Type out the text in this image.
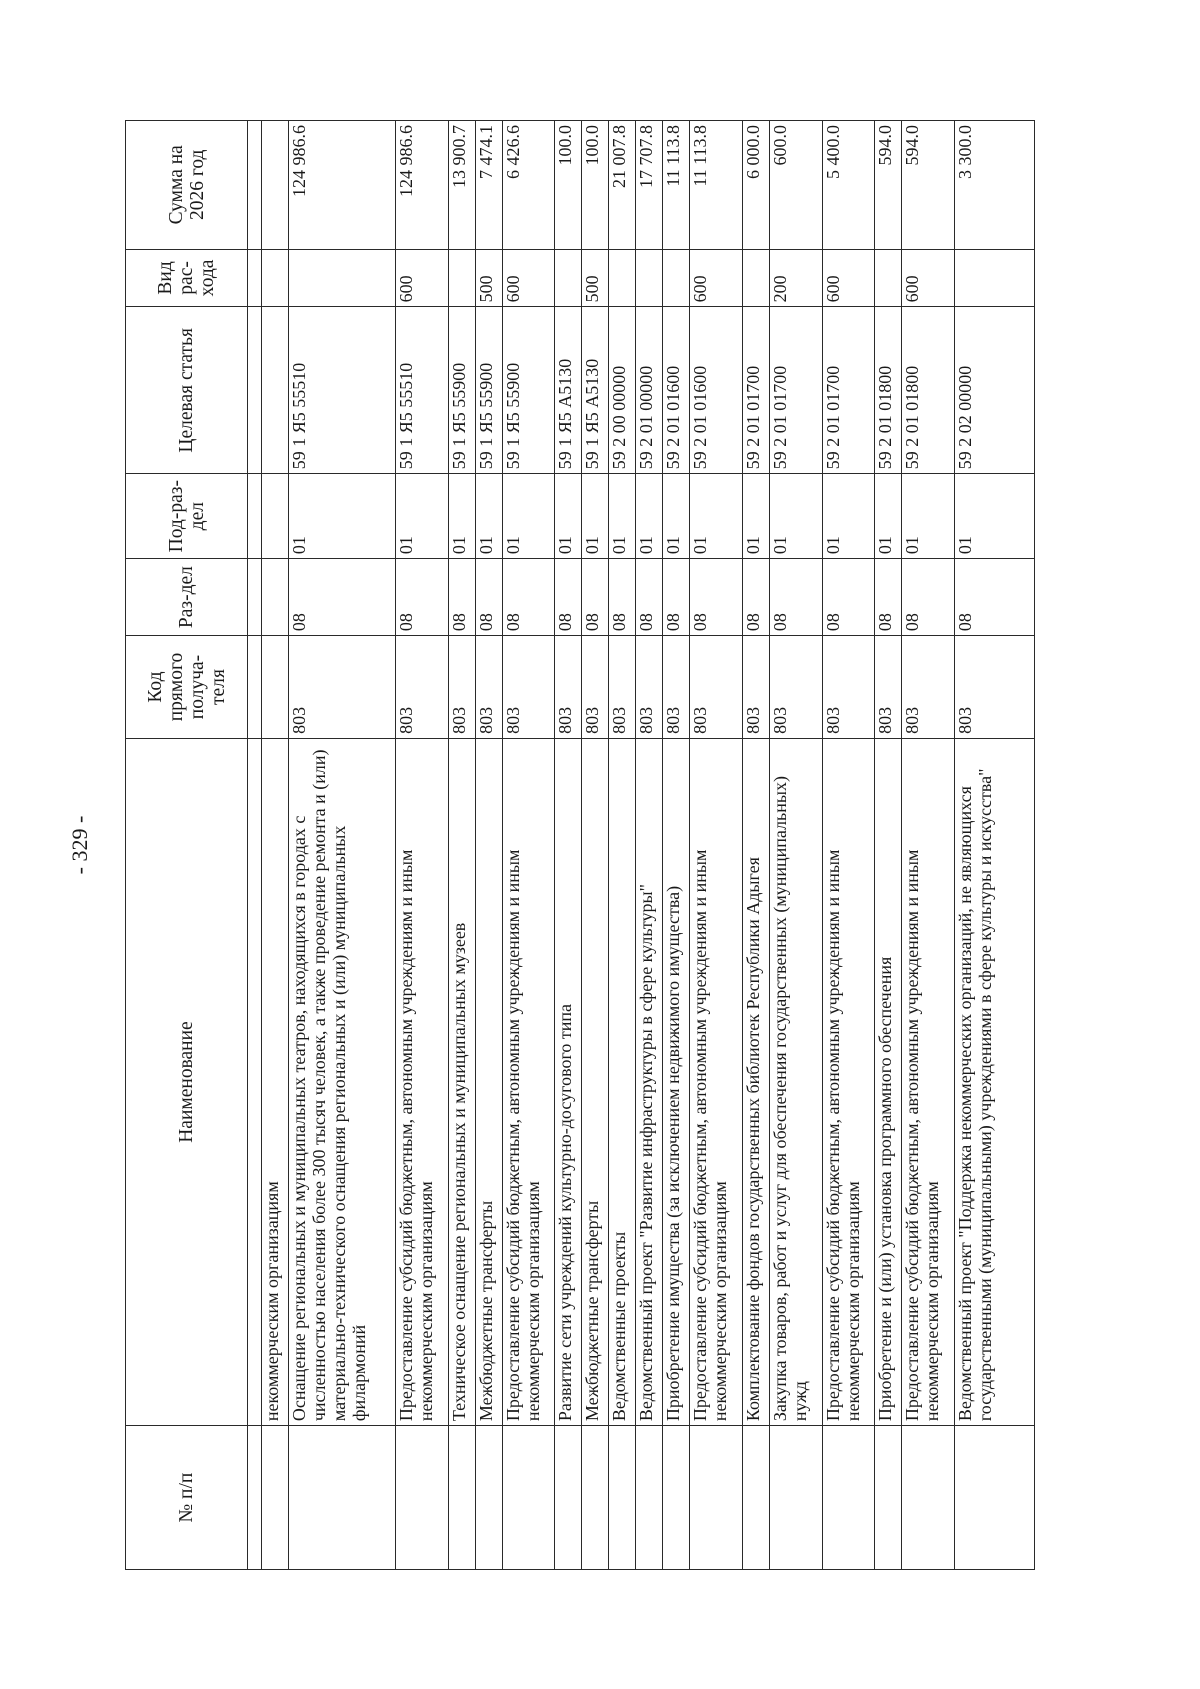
- 329 -
№ п/п	Наименование	Код прямого получа-теля	Раз-дел	Под-раз-дел	Целевая статья	Вид рас-хода	Сумма на 2026 год

	некоммерческим организациям						
	Оснащение региональных и муниципальных театров, находящихся в городах с численностью населения более 300 тысяч человек, а также проведение ремонта и (или) материально-технического оснащения региональных и (или) муниципальных филармоний	803	08	01	59 1 Я5 55510		124 986.6
	Предоставление субсидий бюджетным, автономным учреждениям и иным некоммерческим организациям	803	08	01	59 1 Я5 55510	600	124 986.6
	Техническое оснащение региональных и муниципальных музеев	803	08	01	59 1 Я5 55900		13 900.7
	Межбюджетные трансферты	803	08	01	59 1 Я5 55900	500	7 474.1
	Предоставление субсидий бюджетным, автономным учреждениям и иным некоммерческим организациям	803	08	01	59 1 Я5 55900	600	6 426.6
	Развитие сети учреждений культурно-досугового типа	803	08	01	59 1 Я5 А5130		100.0
	Межбюджетные трансферты	803	08	01	59 1 Я5 А5130	500	100.0
	Ведомственные проекты	803	08	01	59 2 00 00000		21 007.8
	Ведомственный проект "Развитие инфраструктуры в сфере культуры"	803	08	01	59 2 01 00000		17 707.8
	Приобретение имущества (за исключением недвижимого имущества)	803	08	01	59 2 01 01600		11 113.8
	Предоставление субсидий бюджетным, автономным учреждениям и иным некоммерческим организациям	803	08	01	59 2 01 01600	600	11 113.8
	Комплектование фондов государственных библиотек Республики Адыгея	803	08	01	59 2 01 01700		6 000.0
	Закупка товаров, работ и услуг для обеспечения государственных (муниципальных) нужд	803	08	01	59 2 01 01700	200	600.0
	Предоставление субсидий бюджетным, автономным учреждениям и иным некоммерческим организациям	803	08	01	59 2 01 01700	600	5 400.0
	Приобретение и (или) установка программного обеспечения	803	08	01	59 2 01 01800		594.0
	Предоставление субсидий бюджетным, автономным учреждениям и иным некоммерческим организациям	803	08	01	59 2 01 01800	600	594.0
	Ведомственный проект "Поддержка некоммерческих организаций, не являющихся государственными (муниципальными) учреждениями в сфере культуры и искусства"	803	08	01	59 2 02 00000		3 300.0
